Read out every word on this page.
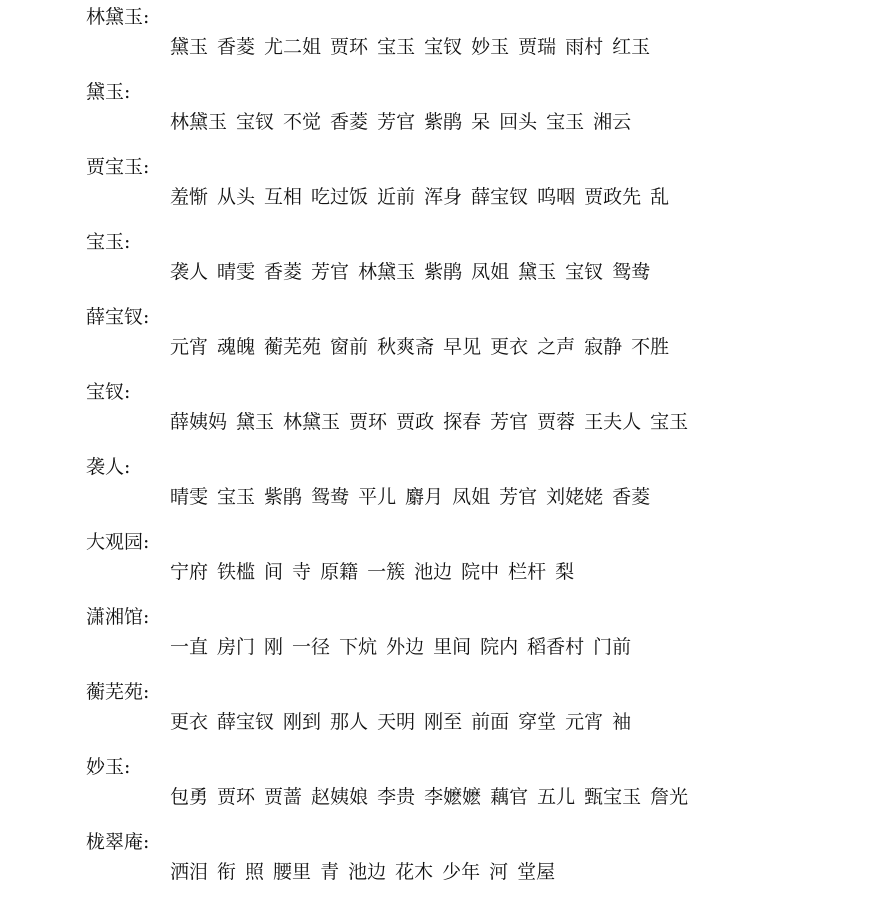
林黛玉:
黛玉 香菱 尤二姐 贾环 宝玉 宝钗 妙玉 贾瑞 雨村 红玉
黛玉:
林黛玉 宝钗 不觉 香菱 芳官 紫鹃 呆 回头 宝玉 湘云
贾宝玉:
羞惭 从头 互相 吃过饭 近前 浑身 薛宝钗 呜咽 贾政先 乱
宝玉:
袭人 晴雯 香菱 芳官 林黛玉 紫鹃 凤姐 黛玉 宝钗 鸳鸯
薛宝钗:
元宵 魂魄 蘅芜苑 窗前 秋爽斋 早见 更衣 之声 寂静 不胜
宝钗:
薛姨妈 黛玉 林黛玉 贾环 贾政 探春 芳官 贾蓉 王夫人 宝玉
袭人:
晴雯 宝玉 紫鹃 鸳鸯 平儿 麝月 凤姐 芳官 刘姥姥 香菱
大观园:
宁府 铁槛 间 寺 原籍 一簇 池边 院中 栏杆 梨
潇湘馆:
一直 房门 刚 一径 下炕 外边 里间 院内 稻香村 门前
蘅芜苑:
更衣 薛宝钗 刚到 那人 天明 刚至 前面 穿堂 元宵 袖
妙玉:
包勇 贾环 贾蔷 赵姨娘 李贵 李嬷嬷 藕官 五儿 甄宝玉 詹光
栊翠庵:
洒泪 衔 照 腰里 青 池边 花木 少年 河 堂屋
